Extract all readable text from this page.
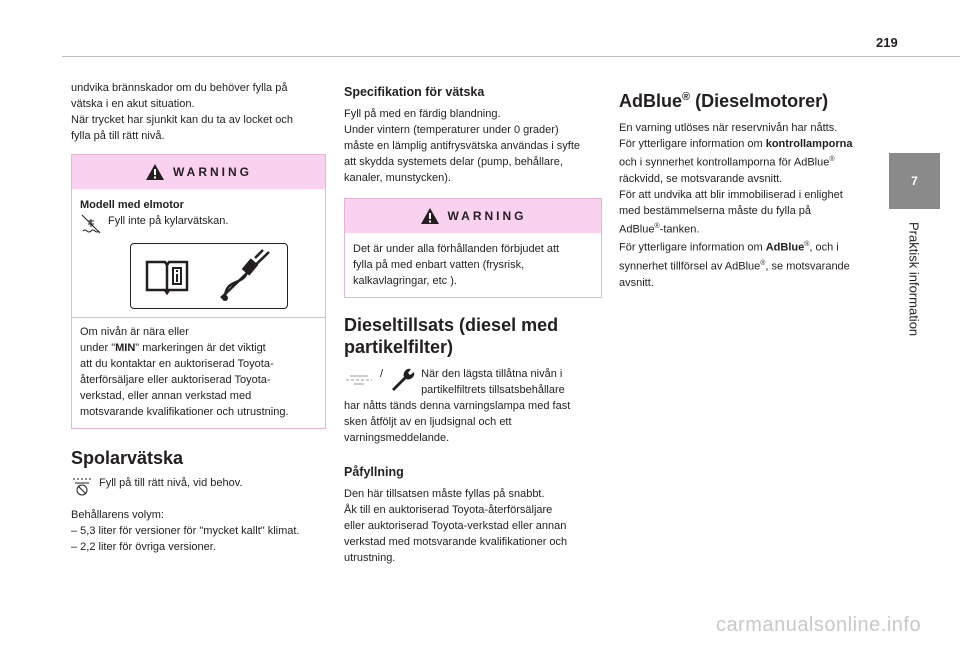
219
7
Praktisk information

undvika brännskador om du behöver fylla på

vätska i en akut situation.

När trycket har sjunkit kan du ta av locket och

fylla på till rätt nivå.

WARNING

Modell med elmotor

Fyll inte på kylarvätskan.

Om nivån är nära eller

under "MIN" markeringen är det viktigt

att du kontaktar en auktoriserad Toyota-

återförsäljare eller auktoriserad Toyota-

verkstad, eller annan verkstad med

motsvarande kvalifikationer och utrustning.

Spolarvätska

Fyll på till rätt nivå, vid behov.

Behållarens volym:

– 5,3 liter för versioner för "mycket kallt" klimat.

– 2,2 liter för övriga versioner.

Specifikation för vätska

Fyll på med en färdig blandning.

Under vintern (temperaturer under 0 grader)

måste en lämplig antifrysvätska användas i syfte

att skydda systemets delar (pump, behållare,

kanaler, munstycken).

WARNING

Det är under alla förhållanden förbjudet att

fylla på med enbart vatten (frysrisk,

kalkavlagringar, etc ).

Dieseltillsats (diesel med
partikelfilter)
/	När den lägsta tillåtna nivån i

partikelfiltrets tillsatsbehållare

har nåtts tänds denna varningslampa med fast

sken åtföljt av en ljudsignal och ett

varningsmeddelande.

Påfyllning

Den här tillsatsen måste fyllas på snabbt.

Åk till en auktoriserad Toyota-återförsäljare

eller auktoriserad Toyota-verkstad eller annan

verkstad med motsvarande kvalifikationer och

utrustning.

AdBlue® (Dieselmotorer)

En varning utlöses när reservnivån har nåtts.

För ytterligare information om kontrollamporna

och i synnerhet kontrollamporna för AdBlue®

räckvidd, se motsvarande avsnitt.

För att undvika att blir immobiliserad i enlighet

med bestämmelserna måste du fylla på

AdBlue®-tanken.

För ytterligare information om AdBlue®, och i

synnerhet tillförsel av AdBlue®, se motsvarande

avsnitt.

carmanualsonline.info
